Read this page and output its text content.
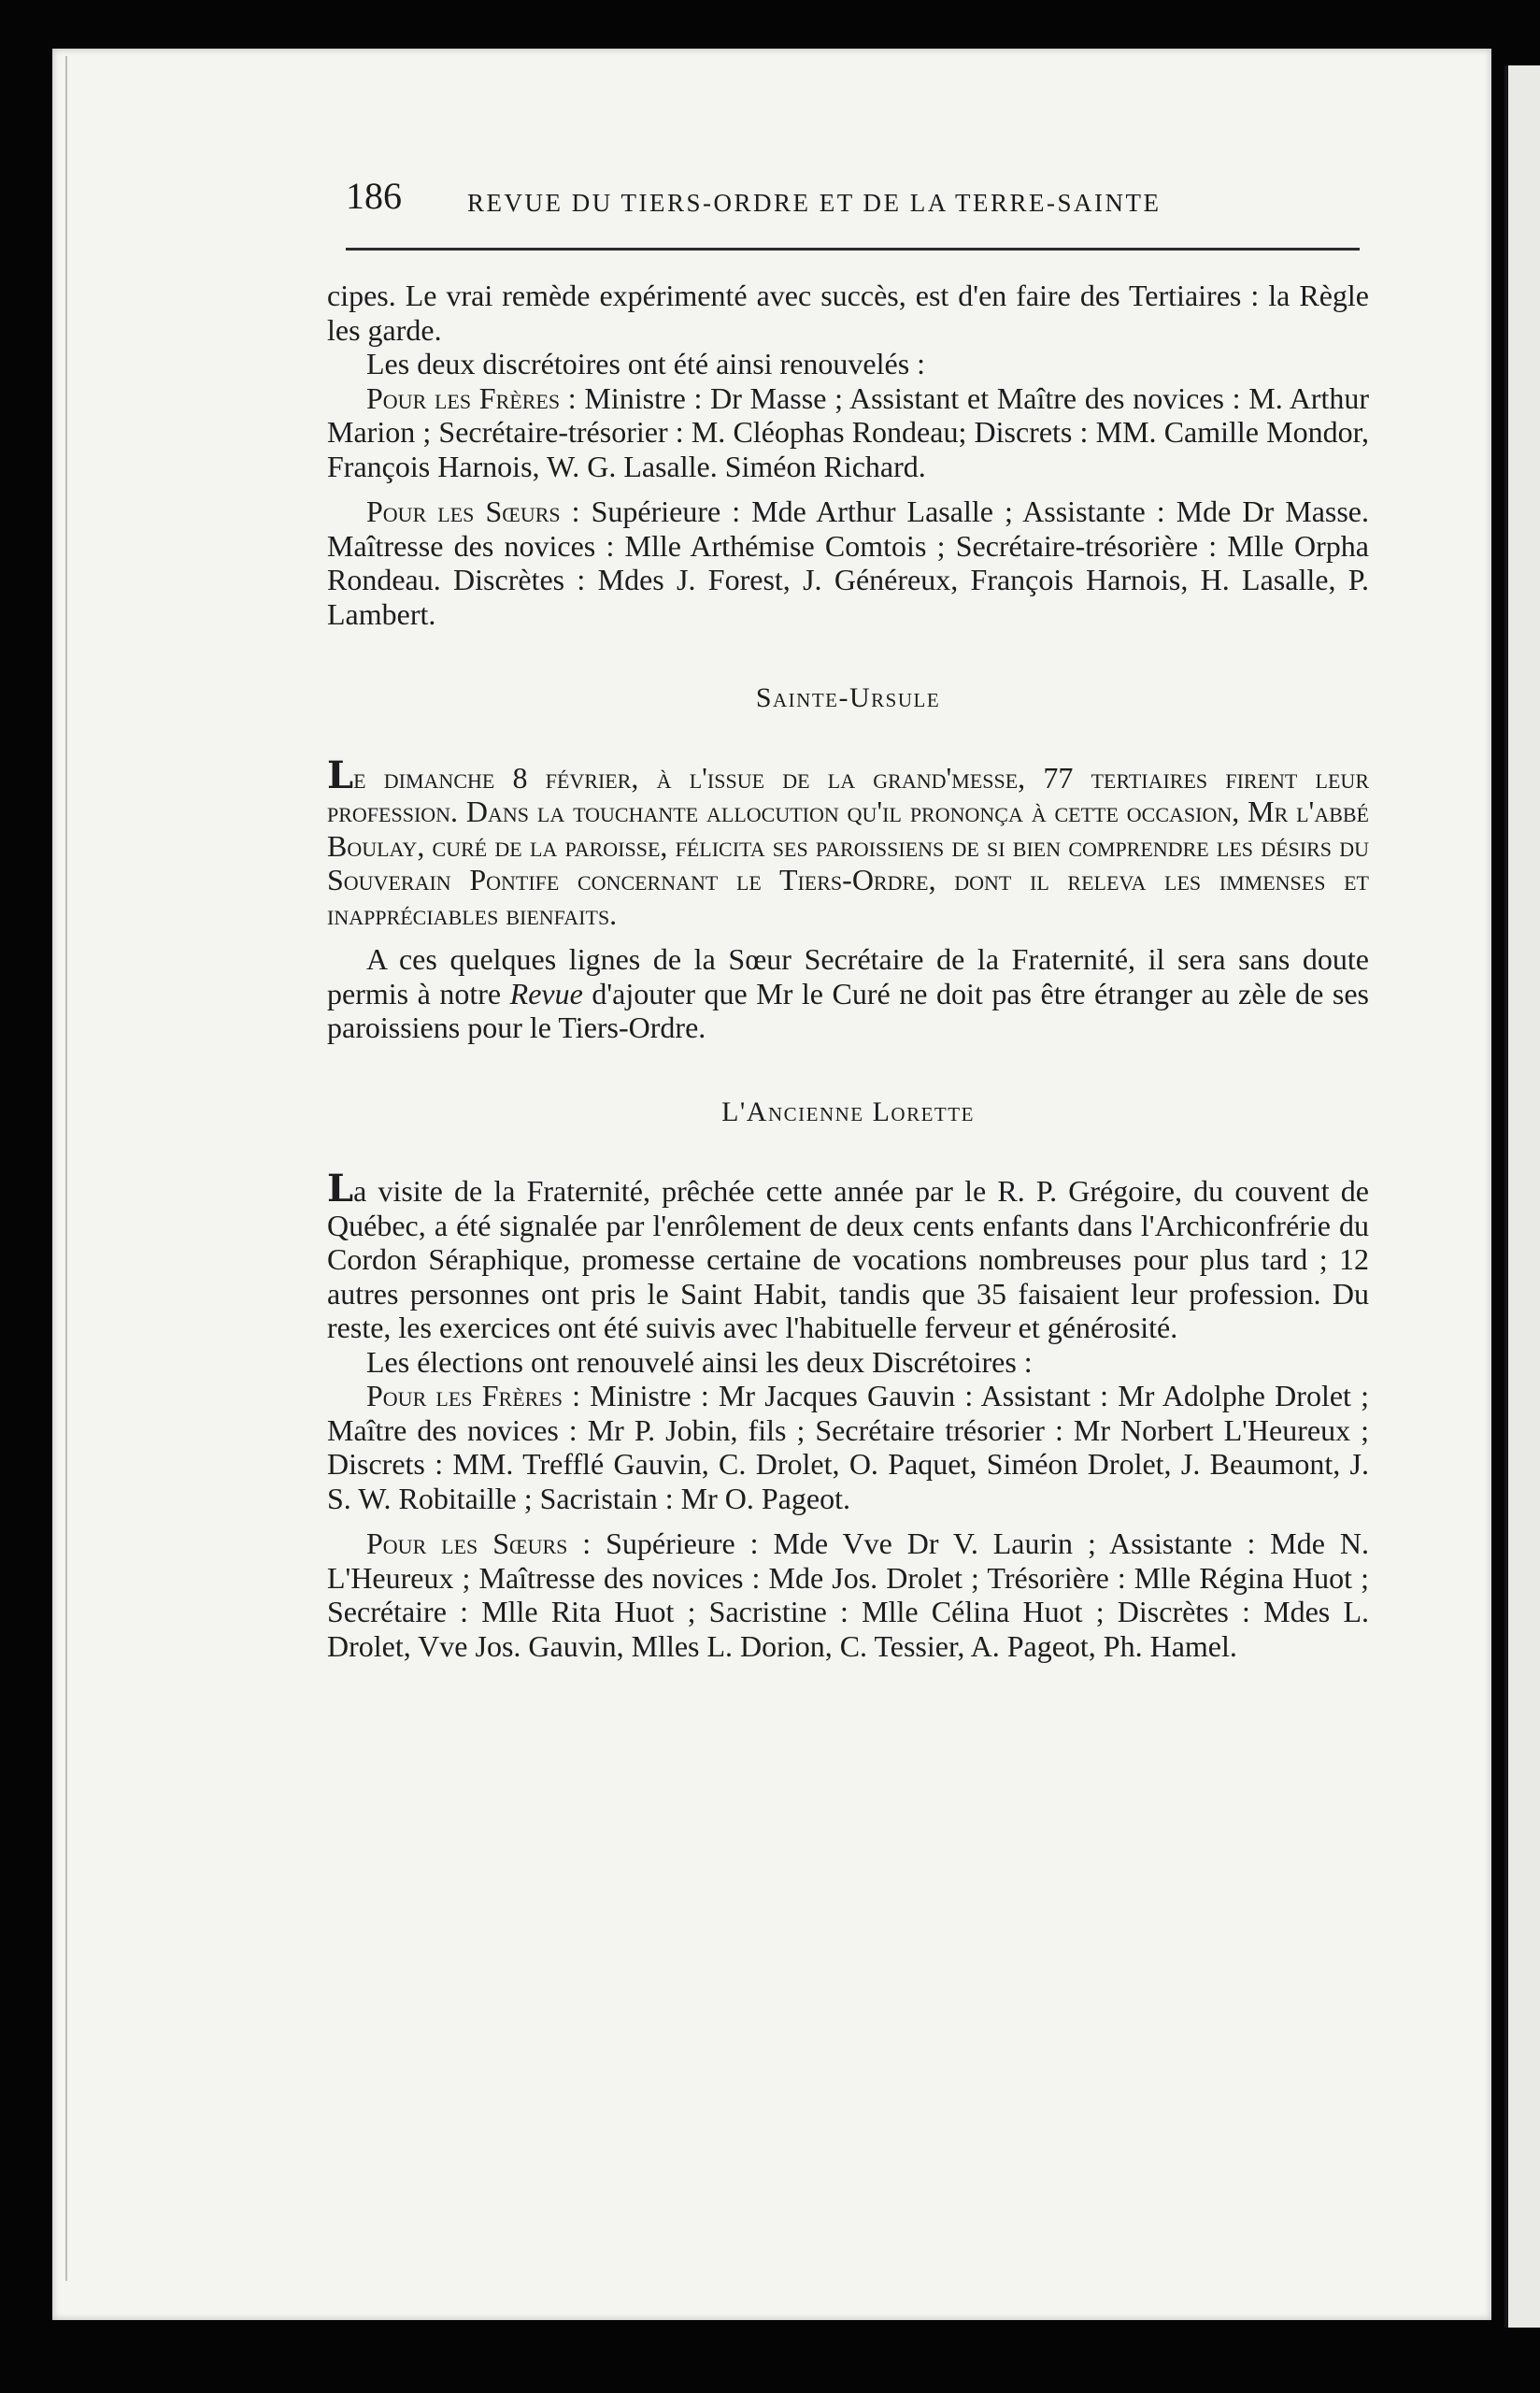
186	REVUE DU TIERS-ORDRE ET DE LA TERRE-SAINTE

cipes. Le vrai remède expérimenté avec succès, est d'en faire des Tertiaires : la Règle les garde.

Les deux discrétoires ont été ainsi renouvelés :

Pour les Frères : Ministre : Dr Masse ; Assistant et Maître des novices : M. Arthur Marion ; Secrétaire-trésorier : M. Cléophas Rondeau; Discrets : MM. Camille Mondor, François Harnois, W. G. Lasalle. Siméon Richard.

Pour les Sœurs : Supérieure : Mde Arthur Lasalle ; Assistante : Mde Dr Masse. Maîtresse des novices : Mlle Arthémise Comtois ; Secrétaire-trésorière : Mlle Orpha Rondeau. Discrètes : Mdes J. Forest, J. Généreux, François Harnois, H. Lasalle, P. Lambert.

Sainte-Ursule

Le dimanche 8 février, à l'issue de la grand'messe, 77 tertiaires firent leur profession. Dans la touchante allocution qu'il prononça à cette occasion, Mr l'abbé Boulay, curé de la paroisse, félicita ses paroissiens de si bien comprendre les désirs du Souverain Pontife concernant le Tiers-Ordre, dont il releva les immenses et inappréciables bienfaits.

A ces quelques lignes de la Sœur Secrétaire de la Fraternité, il sera sans doute permis à notre Revue d'ajouter que Mr le Curé ne doit pas être étranger au zèle de ses paroissiens pour le Tiers-Ordre.

L'Ancienne Lorette

La visite de la Fraternité, prêchée cette année par le R. P. Grégoire, du couvent de Québec, a été signalée par l'enrôlement de deux cents enfants dans l'Archiconfrérie du Cordon Séraphique, promesse certaine de vocations nombreuses pour plus tard ; 12 autres personnes ont pris le Saint Habit, tandis que 35 faisaient leur profession. Du reste, les exercices ont été suivis avec l'habituelle ferveur et générosité.

Les élections ont renouvelé ainsi les deux Discrétoires :

Pour les Frères : Ministre : Mr Jacques Gauvin : Assistant : Mr Adolphe Drolet ; Maître des novices : Mr P. Jobin, fils ; Secrétaire trésorier : Mr Norbert L'Heureux ; Discrets : MM. Trefflé Gauvin, C. Drolet, O. Paquet, Siméon Drolet, J. Beaumont, J. S. W. Robitaille ; Sacristain : Mr O. Pageot.

Pour les Sœurs : Supérieure : Mde Vve Dr V. Laurin ; Assistante : Mde N. L'Heureux ; Maîtresse des novices : Mde Jos. Drolet ; Trésorière : Mlle Régina Huot ; Secrétaire : Mlle Rita Huot ; Sacristine : Mlle Célina Huot ; Discrètes : Mdes L. Drolet, Vve Jos. Gauvin, Mlles L. Dorion, C. Tessier, A. Pageot, Ph. Hamel.
